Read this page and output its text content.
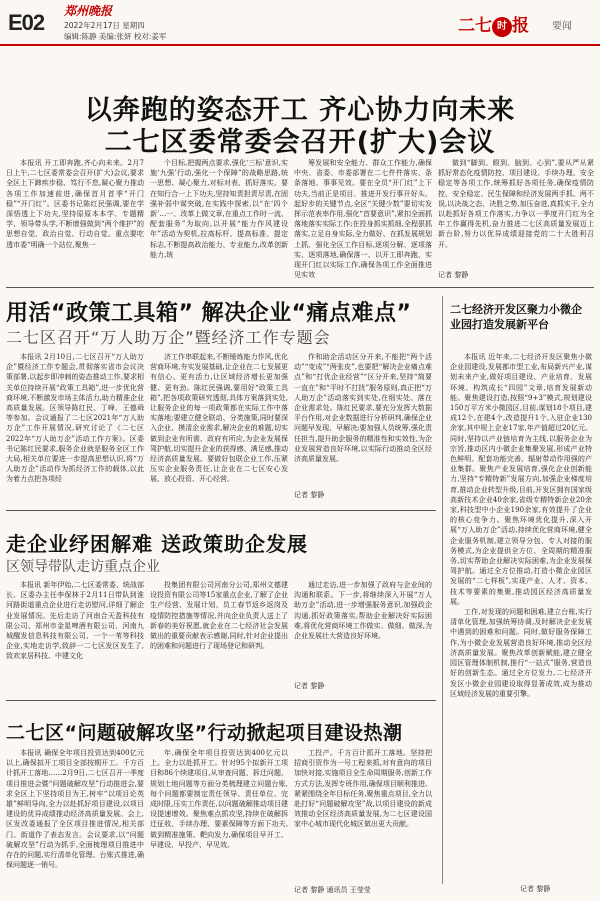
E02 郑州晚报
2022年2月17日 星期四
编辑:陈静 美编:张妍 校对:姜军
二七 时 报	要闻
以奔跑的姿态开工 齐心协力向未来
二七区委常委会召开(扩大)会议

本报讯 开工即奔跑,齐心向未来。2月7日上午,二七区委常委会召开(扩大)会议,要求全区上下蹄疾步稳、笃行不怠,凝心聚力推动各项工作加速前进,确保首月首季“开门稳”“开门红”。区委书记陈红民强调,要在学深悟透上下功夫,坚持原原本本学、专题精学、领导带头学,不断增强做到“两个维护”的思想自觉、政治自觉、行动自觉。重点要吃透市委“明确一个站位,聚焦一

个目标,把握两点要求,强化‘三标’意识,实施‘九强’行动,强化一个保障”的战略思路,统一思想、凝心聚力,对标对表、抓好落实。要在知行合一上下功夫,坚持知责担责尽责,在固强补弱中谋突破,在实践中探索,以“在‘四个新’…一、改革上做文章,在重点工作时一流、配套服务”为取向,以开展“能力作风建设年”活动为契机,拉高标杆、提高标准、提定标志,不断提高政治能力、专业能力,改革创新能力,统

筹发展和安全能力、群众工作能力,确保中央、省委、市委部署在二七件件落实、条条落地、事事见效。要在全员“开门红”上下功夫,当前正是项目、推进开发行事开好头、起好步的关键节点,全区“关键少数”要切实发挥示范表率作用,强化“首要意识”,紧扣全面抓落地落实实际工作;在投身抓实抓细,全程狠抓落实,立足自身实际,全力做好、在抓发展规划上抓、强化全区工作目标,逐项分解、逐项落实、逐项落地,确保落一、以开工即奔跑、实现开门红以实际工作,确保各项工作全面推进见实效

做到“脚到、眼到、脑到、心到”,要从严从紧抓好常态化疫情防控、项目建设、手续办理、安全稳定等各项工作,统筹抓好各项任务,确保疫情防控、安全稳定、民生保障和经济发展两手抓、两不误,以决战之态、决胜之势,加压奋进,真抓实干,全力以赴抓好各项工作落实,力争以一季度开门红为全年工作赢得先机,奋力推进二七区高质量发展迈上新台阶,努力以优异成绩迎接党的二十大胜利召开。

记者 黎静
用活“政策工具箱” 解决企业“痛点难点”
二七区召开“万人助万企”暨经济工作专题会

本报讯 2月10日,二七区召开“万人助万企”暨经济工作专题会,贯彻落实省市会议决策部署,以起步即冲刺的姿态推动工作,要求相关单位持续开展“政策工具箱”,进一步优化营商环境,不断激发市场主体活力,助力精准企业高质量发展。区领导陈红民、丁峰、王德舜等参加。会议通报了二七区2021年“万人助万企”工作开展情况,研究讨论了《二七区2022年“万人助万企”活动工作方案》。区委书记陈红民要求,服务企业就是服务全区工作大局,相关单位要进一步提高思想认识,将“万人助万企”活动作为抓经济工作的载体,以此为着力点把各项经

济工作串联起来,不断锤炼能力作风,优化营商环境,夯实发展基础,让企业在二七发展更有信心、更有活力,让区域经济增长更加强健、更有劲。陈红民强调,要用好“政策工具箱”,把各项政策研究透彻,具体方案落到实处,让服务企业的每一项政策都在实际工作中落实落地;要建立健全联动、分类施策,同时要深入企业、摸清企业需求,解决企业的难题,切实做到企业有所需、政府有所应,为企业发展保驾护航,切实提升企业的获得感、满足感,推动经济高质量发展。要做好包联企业工作,压紧压实企业服务责任,让企业在二七区安心发展、放心投资、开心经营。

作和助企活动区分开来,不能把“两个活动”“变成”“两张皮”,也要把“解决企业痛点难点”和“打优企业经营”“区分开来,坚持“简要一直在”和“平时不打扰”服务原则,真正把“万人助万企”活动落实到实处,在细实处、落在企业需求处。陈红民要求,要充分发挥大数据平台作用,对企业数据进行分析研判,确保企业问题早发现、早解决;要加强人员统筹,强化责任担当,提升助企服务的精准性和实效性,为企业发展营造良好环境,以实际行动推动全区经济高质量发展。

记者 黎静
二七经济开发区聚力小微企业园打造发展新平台

本报讯 近年来,二七经济开发区聚焦小微企业园建设,发展都市型工业,布局新兴产业,谋划未来产业,做好项目建设、产业培育、发展环境、构筑成长“四园”文章,培育发展新动能。聚焦建设打造,按照“9+3”模式,规划建设150万平方米小微园区,目前,谋划18个项目,建成12个,在建4个,改造提升1个,入驻企业130余家,其中规上企业17家,年产值超过20亿元。同时,坚持以产业链培育为主线,以服务企业为宗旨,推动区内小微企业集聚发展,形成产业特色鲜明、配套功能完善、辐射带动作用强的产业集群。聚焦产业发展培育,强化企业创新能力,坚持“专精特新”发展方向,加强企业梯度培育,推动企业转型升级,目前,开发区拥有国家级高新技术企业40余家,省级专精特新企业20余家,科技型中小企业190余家,有效提升了企业的核心竞争力。聚焦环境优化提升,深入开展“万人助万企”活动,持续优化营商环境,健全企业服务机制,建立领导分包、专人对接的服务模式,为企业提供全方位、全周期的精准服务,切实帮助企业解决实际困难,为企业发展保驾护航。通过全方位推动,打造小微企业园区发展的“二七样板”,实现产业、人才、资本、技术等要素的集聚,推动园区经济高质量发展。

工作,对发现的问题和困难,建立台账,实行清单化管理,加强统筹协调,及时解决企业发展中遇到的困难和问题。同时,做好服务保障工作,为小微企业发展营造良好环境,推动全区经济高质量发展。聚焦改革创新赋能,建立健全园区管理体制机制,推行“一站式”服务,营造良好的创新生态。通过全方位发力,二七经济开发区小微企业园建设取得显著成效,成为推动区域经济发展的重要引擎。

记者 黎静
走企业纾困解难 送政策助企发展
区领导带队走访重点企业

本报讯 新年伊始,二七区委常委、统战部长、区委办主任李保林于2月11日带队到淮河路街道重点企业进行走访慰问,详细了解企业发展情况。先后走访了河南合天盈科技有限公司、郑州市金星啤酒有限公司、河南九城醒发信息科技有限公司、一个一苇等科技企业,实地走访学,致辞一二七区发区发生了,致欢家居科技、中建文化

投集团有限公司河南分公司,郑州文德建设投资有限公司等15家重点企业,了解了企业生产经营、发展计划、员工春节返乡返岗及疫情防控措施等情况,并向企业负责人送上了新春的美好祝愿,就企业在二七经济社会发展做出的重要贡献表示感谢,同时,针对企业提出的困难和问题进行了现场登记和研判。

通过走访,进一步加强了政府与企业间的沟通和联系。下一步,将继续深入开展“万人助万企”活动,进一步增强服务意识,加强政企沟通,抓好政策落实,帮助企业解决好实际困难,将优化营商环境工作做实、做细、做深,为企业发展壮大营造良好环境。

记者 黎静
二七区“问题破解攻坚”行动掀起项目建设热潮

本报讯 确保全年项目投资达到400亿元以上,确保拟开工项目全部按期开工。千方百计抓开工落地……2月9日,二七区召开一季度项目推进会暨“问题破解攻坚”行动推进会,要求全区上下坚持项目为王,树牢“以项目论英雄”鲜明导向,全力以赴抓好项目建设,以项目建设的优异成绩推动经济高质量发展。会上,区发改委通报了全区项目推进情况,相关部门、街道作了表态发言。会议要求,以“问题破解攻坚”行动为抓手,全面梳理项目推进中存在的问题,实行清单化管理、台账式推进,确保问题逐一销号。

年,确保全年项目投资达到400亿元以上。全力以赴抓开工。针对95个拟新开工项目和86个续建项目,从审查问题、拆迁问题、规划土地问题等方面分类梳理建立问题台账,每个问题都要制定责任领导、责任单位、完成时限,压实工作责任,以问题破解推动项目建设提速增效。聚焦难点抓攻坚,持续在破解拆迁征收、手续办理、要素保障等方面下功夫,做到精准施策、靶向发力,确保项目早开工、早建设、早投产、早见效。

工投产。千方百计抓开工落地。坚持把招商引资作为一号工程来抓,对有意向的项目加快对接,实施项目全生命周期服务,创新工作方式方法,发挥专班作用,确保项目顺利推进。紧紧围绕全年目标任务,聚焦重点项目,全力以赴打好“问题破解攻坚”战,以项目建设的新成效推动全区经济高质量发展,为二七区建设国家中心城市现代化城区做出更大贡献。

记者 黎静 通讯员 王莹莹
